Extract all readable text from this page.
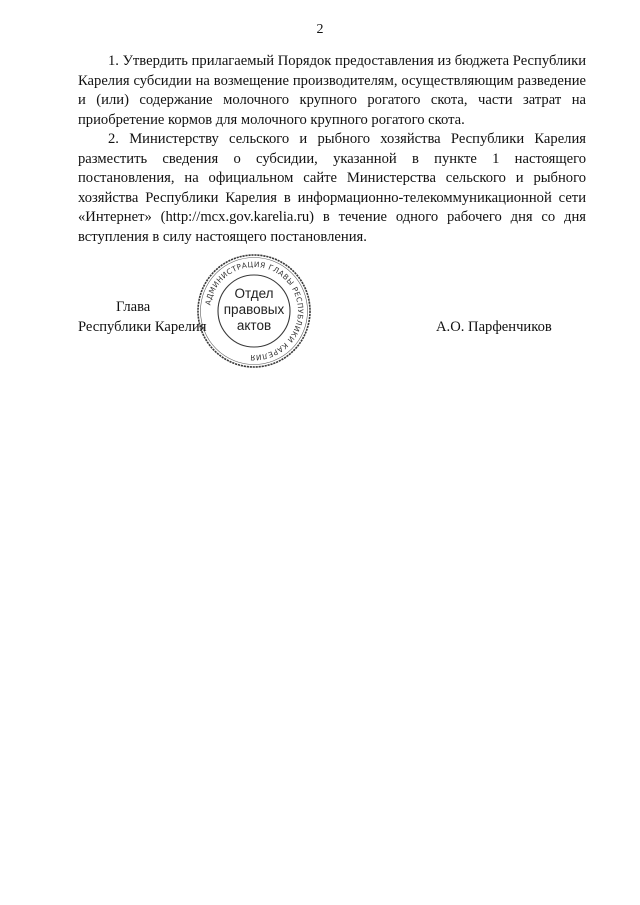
2

1. Утвердить прилагаемый Порядок предоставления из бюджета Республики Карелия субсидии на возмещение производителям, осуществляющим разведение и (или) содержание молочного крупного рогатого скота, части затрат на приобретение кормов для молочного крупного рогатого скота.

2. Министерству сельского и рыбного хозяйства Республики Карелия разместить сведения о субсидии, указанной в пункте 1 настоящего постановления, на официальном сайте Министерства сельского и рыбного хозяйства Республики Карелия в информационно-телекоммуникационной сети «Интернет» (http://mcx.gov.karelia.ru) в течение одного рабочего дня со дня вступления в силу настоящего постановления.

АДМИНИСТРАЦИЯ ГЛАВЫ РЕСПУБЛИКИ КАРЕЛИЯ
Отдел
правовых
актов
Глава
Республики Карелия	А.О. Парфенчиков
